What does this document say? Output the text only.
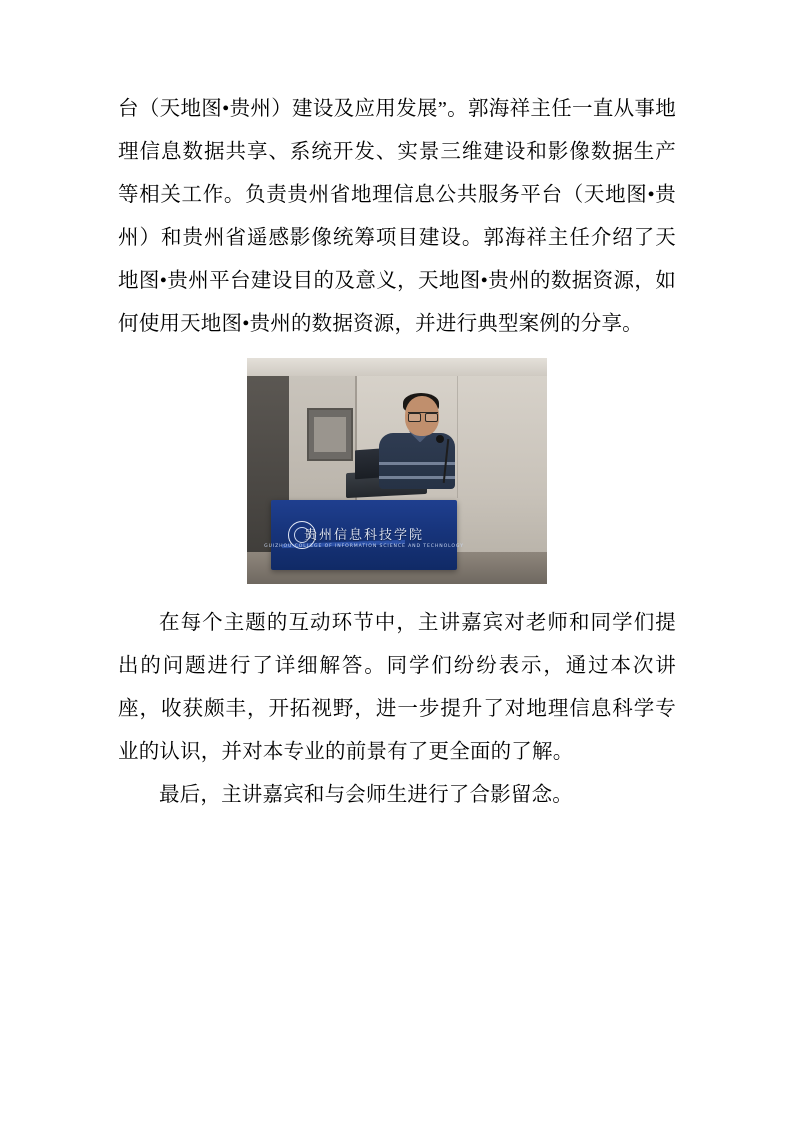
台（天地图•贵州）建设及应用发展”。郭海祥主任一直从事地理信息数据共享、系统开发、实景三维建设和影像数据生产等相关工作。负责贵州省地理信息公共服务平台（天地图•贵州）和贵州省遥感影像统筹项目建设。郭海祥主任介绍了天地图•贵州平台建设目的及意义，天地图•贵州的数据资源，如何使用天地图•贵州的数据资源，并进行典型案例的分享。

贵州信息科技学院
GUIZHOU COLLEGE OF INFORMATION SCIENCE AND TECHNOLOGY

在每个主题的互动环节中，主讲嘉宾对老师和同学们提出的问题进行了详细解答。同学们纷纷表示，通过本次讲座，收获颇丰，开拓视野，进一步提升了对地理信息科学专业的认识，并对本专业的前景有了更全面的了解。

最后，主讲嘉宾和与会师生进行了合影留念。
